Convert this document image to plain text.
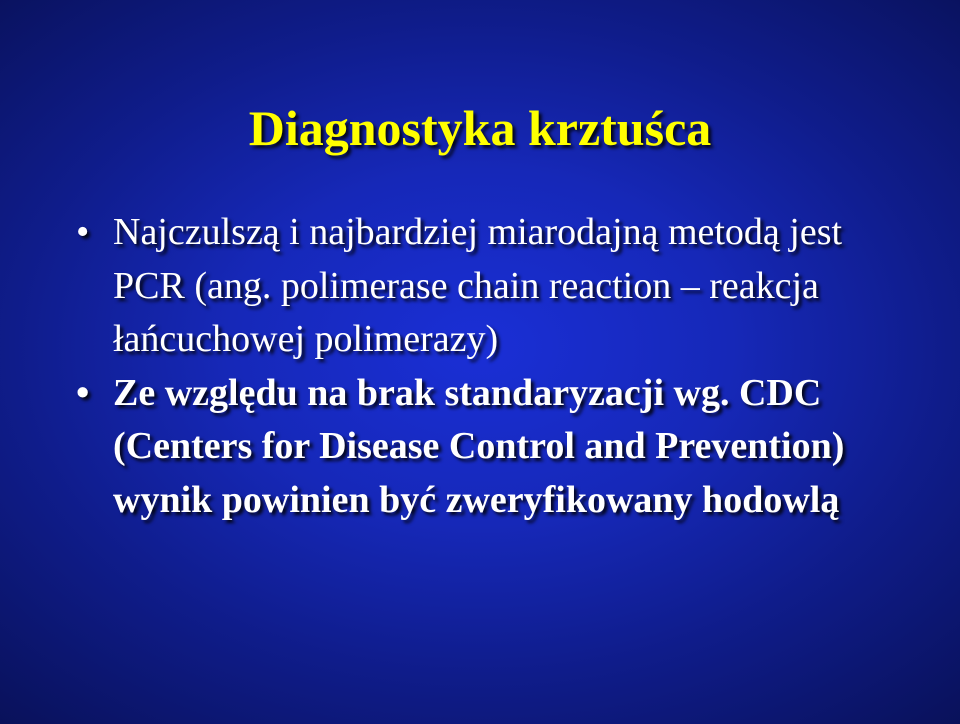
Diagnostyka krztuśca
• Najczulszą i najbardziej miarodajną metodą jest PCR (ang. polimerase chain reaction – reakcja łańcuchowej polimerazy)
• Ze względu na brak standaryzacji wg. CDC (Centers for Disease Control and Prevention) wynik powinien być zweryfikowany hodowlą
